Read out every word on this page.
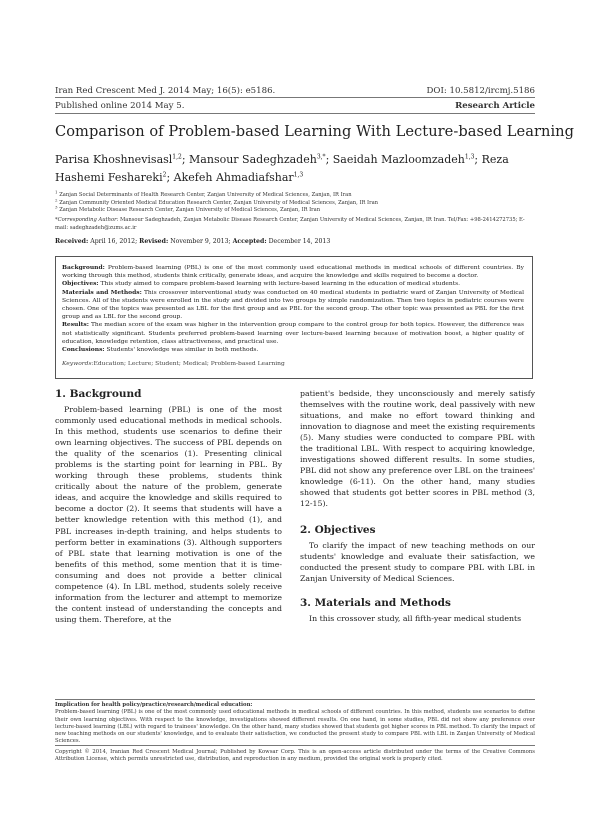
Iran Red Crescent Med J. 2014 May; 16(5): e5186.	DOI: 10.5812/ircmj.5186
Published online 2014 May 5.	Research Article
Comparison of Problem-based Learning With Lecture-based Learning
Parisa Khoshnevisasl$^{1,2}$; Mansour Sadeghzadeh$^{3,*}$; Saeidah Mazloomzadeh$^{1,3}$; Reza Hashemi Feshareki$^2$; Akefeh Ahmadiafshar$^{1,3}$
$^1$ Zanjan Social Determinants of Health Research Center, Zanjan University of Medical Sciences, Zanjan, IR Iran
$^2$ Zanjan Community Oriented Medical Education Research Center, Zanjan University of Medical Sciences, Zanjan, IR Iran
$^3$ Zanjan Metabolic Disease Research Center, Zanjan University of Medical Sciences, Zanjan, IR Iran
*Corresponding Author: Mansour Sadeghzadeh, Zanjan Metabolic Disease Research Center, Zanjan University of Medical Sciences, Zanjan, IR Iran. Tel/Fax: +98-2414272735; E-mail: sadeghzadeh@zums.ac.ir
Received: April 16, 2012; Revised: November 9, 2013; Accepted: December 14, 2013

Background: Problem-based learning (PBL) is one of the most commonly used educational methods in medical schools of different countries. By working through this method, students think critically, generate ideas, and acquire the knowledge and skills required to become a doctor.

Objectives: This study aimed to compare problem-based learning with lecture-based learning in the education of medical students.

Materials and Methods: This crossover interventional study was conducted on 40 medical students in pediatric ward of Zanjan University of Medical Sciences. All of the students were enrolled in the study and divided into two groups by simple randomization. Then two topics in pediatric courses were chosen. One of the topics was presented as LBL for the first group and as PBL for the second group. The other topic was presented as PBL for the first group and as LBL for the second group.

Results: The median score of the exam was higher in the intervention group compare to the control group for both topics. However, the difference was not statistically significant. Students preferred problem-based learning over lecture-based learning because of motivation boost, a higher quality of education, knowledge retention, class attractiveness, and practical use.

Conclusions: Students' knowledge was similar in both methods.

Keywords:Education; Lecture; Student; Medical; Problem-based Learning

1. Background

Problem-based learning (PBL) is one of the most commonly used educational methods in medical schools. In this method, students use scenarios to define their own learning objectives. The success of PBL depends on the quality of the scenarios (1). Presenting clinical problems is the starting point for learning in PBL. By working through these problems, students think critically about the nature of the problem, generate ideas, and acquire the knowledge and skills required to become a doctor (2). It seems that students will have a better knowledge retention with this method (1), and PBL increases in-depth training, and helps students to perform better in examinations (3). Although supporters of PBL state that learning motivation is one of the benefits of this method, some mention that it is time-consuming and does not provide a better clinical competence (4). In LBL method, students solely receive information from the lecturer and attempt to memorize the content instead of understanding the concepts and using them. Therefore, at the

patient's bedside, they unconsciously and merely satisfy themselves with the routine work, deal passively with new situations, and make no effort toward thinking and innovation to diagnose and meet the existing requirements (5). Many studies were conducted to compare PBL with the traditional LBL. With respect to acquiring knowledge, investigations showed different results. In some studies, PBL did not show any preference over LBL on the trainees' knowledge (6-11). On the other hand, many studies showed that students got better scores in PBL method (3, 12-15).

2. Objectives

To clarify the impact of new teaching methods on our students' knowledge and evaluate their satisfaction, we conducted the present study to compare PBL with LBL in Zanjan University of Medical Sciences.

3. Materials and Methods

In this crossover study, all fifth-year medical students

Implication for health policy/practice/research/medical education:
Problem-based learning (PBL) is one of the most commonly used educational methods in medical schools of different countries. In this method, students use scenarios to define their own learning objectives. With respect to the knowledge, investigations showed different results. On one hand, in some studies, PBL did not show any preference over lecture-based learning (LBL) with regard to trainees' knowledge. On the other hand, many studies showed that students got higher scores in PBL method. To clarify the impact of new teaching methods on our students' knowledge, and to evaluate their satisfaction, we conducted the present study to compare PBL with LBL in Zanjan University of Medical Sciences.
Copyright © 2014, Iranian Red Crescent Medical Journal; Published by Kowsar Corp. This is an open-access article distributed under the terms of the Creative Commons Attribution License, which permits unrestricted use, distribution, and reproduction in any medium, provided the original work is properly cited.
